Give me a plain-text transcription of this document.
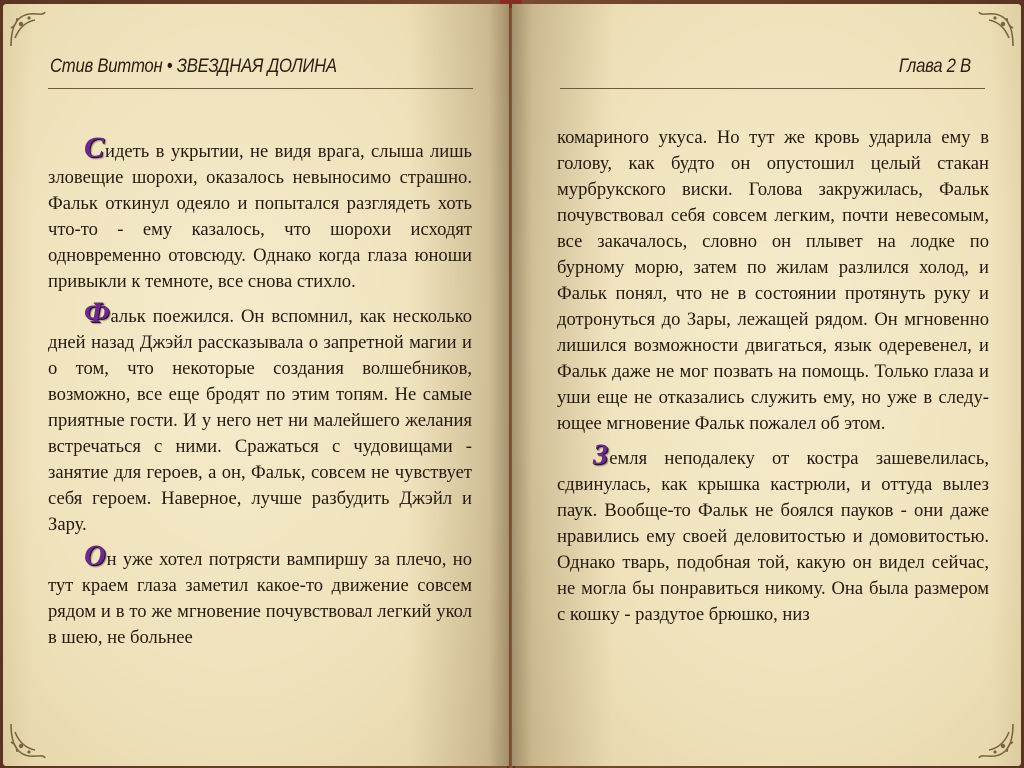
Стив Виттон • ЗВЕЗДНАЯ ДОЛИНА

Сидеть в укрытии, не видя врага, слыша лишь зловещие шорохи, оказалось невыносимо страшно. Фальк откинул одеяло и попытался разглядеть хоть что-то - ему казалось, что шорохи исходят одновременно отовсюду. Однако когда глаза юноши привыкли к темноте, все снова стихло.

Фальк поежился. Он вспомнил, как несколько дней назад Джэйл рассказывала о запретной магии и о том, что некоторые создания волшебников, возможно, все еще бродят по этим топям. Не самые приятные гости. И у него нет ни малейшего желания встречаться с ними. Сражаться с чудовищами - занятие для героев, а он, Фальк, совсем не чувствует себя героем. Наверное, лучше разбудить Джэйл и Зару.

Он уже хотел потрясти вампиршу за плечо, но тут краем глаза заметил какое-то движение совсем рядом и в то же мгновение почувствовал легкий укол в шею, не больнее

Глава 2 В

комариного укуса. Но тут же кровь ударила ему в голову, как будто он опустошил целый стакан мурбрукского виски. Голова закружилась, Фальк почувствовал себя совсем легким, почти невесомым, все закачалось, словно он плывет на лодке по бурному морю, затем по жилам разлился холод, и Фальк понял, что не в состоянии протянуть руку и дотронуться до Зары, лежащей рядом. Он мгновенно лишился возможности двигаться, язык одеревенел, и Фальк даже не мог позвать на помощь. Только глаза и уши еще не отказались служить ему, но уже в следующее мгновение Фальк пожалел об этом.

Земля неподалеку от костра зашевелилась, сдвинулась, как крышка кастрюли, и оттуда вылез паук. Вообще-то Фальк не боялся пауков - они даже нравились ему своей деловитостью и домовитостью. Однако тварь, подобная той, какую он видел сейчас, не могла бы понравиться никому. Она была размером с кошку - раздутое брюшко, низ
